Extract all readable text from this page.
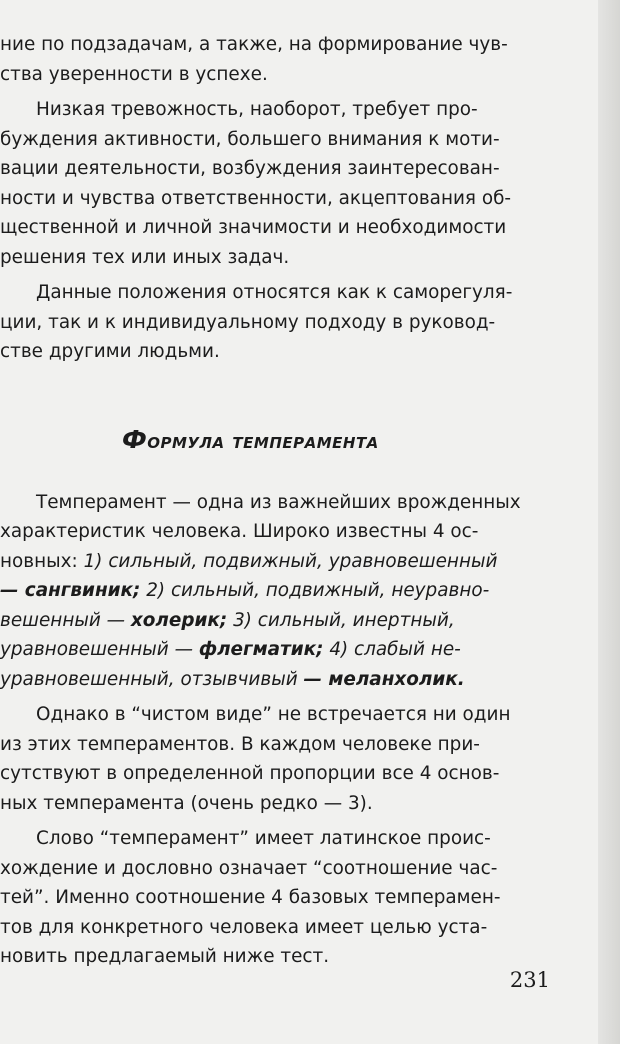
ние по подзадачам, а также, на формирование чув-
ства уверенности в успехе.

Низкая тревожность, наоборот, требует про-
буждения активности, большего внимания к моти-
вации деятельности, возбуждения заинтересован-
ности и чувства ответственности, акцептования об-
щественной и личной значимости и необходимости
решения тех или иных задач.

Данные положения относятся как к саморегуля-
ции, так и к индивидуальному подходу в руковод-
стве другими людьми.

Формула темперамента

Темперамент — одна из важнейших врожденных
характеристик человека. Широко известны 4 ос-
новных: 1) сильный, подвижный, уравновешенный
— сангвиник; 2) сильный, подвижный, неуравно-
вешенный — холерик; 3) сильный, инертный,
уравновешенный — флегматик; 4) слабый не-
уравновешенный, отзывчивый — меланхолик.

Однако в “чистом виде” не встречается ни один
из этих темпераментов. В каждом человеке при-
сутствуют в определенной пропорции все 4 основ-
ных темперамента (очень редко — 3).

Слово “темперамент” имеет латинское проис-
хождение и дословно означает “соотношение час-
тей”. Именно соотношение 4 базовых темперамен-
тов для конкретного человека имеет целью уста-
новить предлагаемый ниже тест.

231
